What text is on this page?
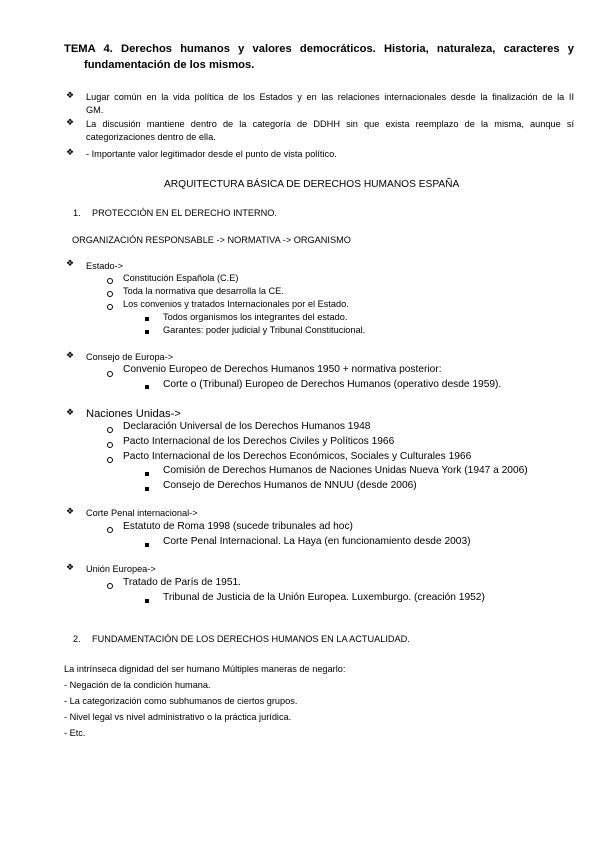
TEMA 4. Derechos humanos y valores democráticos. Historia, naturaleza, caracteres y
fundamentación de los mismos.
❖ Lugar común en la vida política de los Estados y en las relaciones internacionales desde la finalización de la II
GM.
❖ La discusión mantiene dentro de la categoría de DDHH sin que exista reemplazo de la misma, aunque sí
categorizaciones dentro de ella.
❖ - Importante valor legitimador desde el punto de vista político.
ARQUITECTURA BÁSICA DE DERECHOS HUMANOS ESPAÑA
1. PROTECCIÓN EN EL DERECHO INTERNO.
ORGANIZACIÓN RESPONSABLE -> NORMATIVA -> ORGANISMO
❖ Estado->
Constitución Española (C.E)
Toda la normativa que desarrolla la CE.
Los convenios y tratados Internacionales por el Estado.
Todos organismos los integrantes del estado.
Garantes: poder judicial y Tribunal Constitucional.
❖ Consejo de Europa->
Convenio Europeo de Derechos Humanos 1950 + normativa posterior:
Corte o (Tribunal) Europeo de Derechos Humanos (operativo desde 1959).
❖ Naciones Unidas->
Declaración Universal de los Derechos Humanos 1948
Pacto Internacional de los Derechos Civiles y Políticos 1966
Pacto Internacional de los Derechos Económicos, Sociales y Culturales 1966
Comisión de Derechos Humanos de Naciones Unidas Nueva York (1947 a 2006)
Consejo de Derechos Humanos de NNUU (desde 2006)
❖ Corte Penal internacional->
Estatuto de Roma 1998 (sucede tribunales ad hoc)
Corte Penal Internacional. La Haya (en funcionamiento desde 2003)
❖ Unión Europea->
Tratado de París de 1951.
Tribunal de Justicia de la Unión Europea. Luxemburgo. (creación 1952)
2. FUNDAMENTACIÓN DE LOS DERECHOS HUMANOS EN LA ACTUALIDAD.
La intrínseca dignidad del ser humano Múltiples maneras de negarlo:
- Negación de la condición humana.
- La categorización como subhumanos de ciertos grupos.
- Nivel legal vs nivel administrativo o la práctica jurídica.
- Etc.
